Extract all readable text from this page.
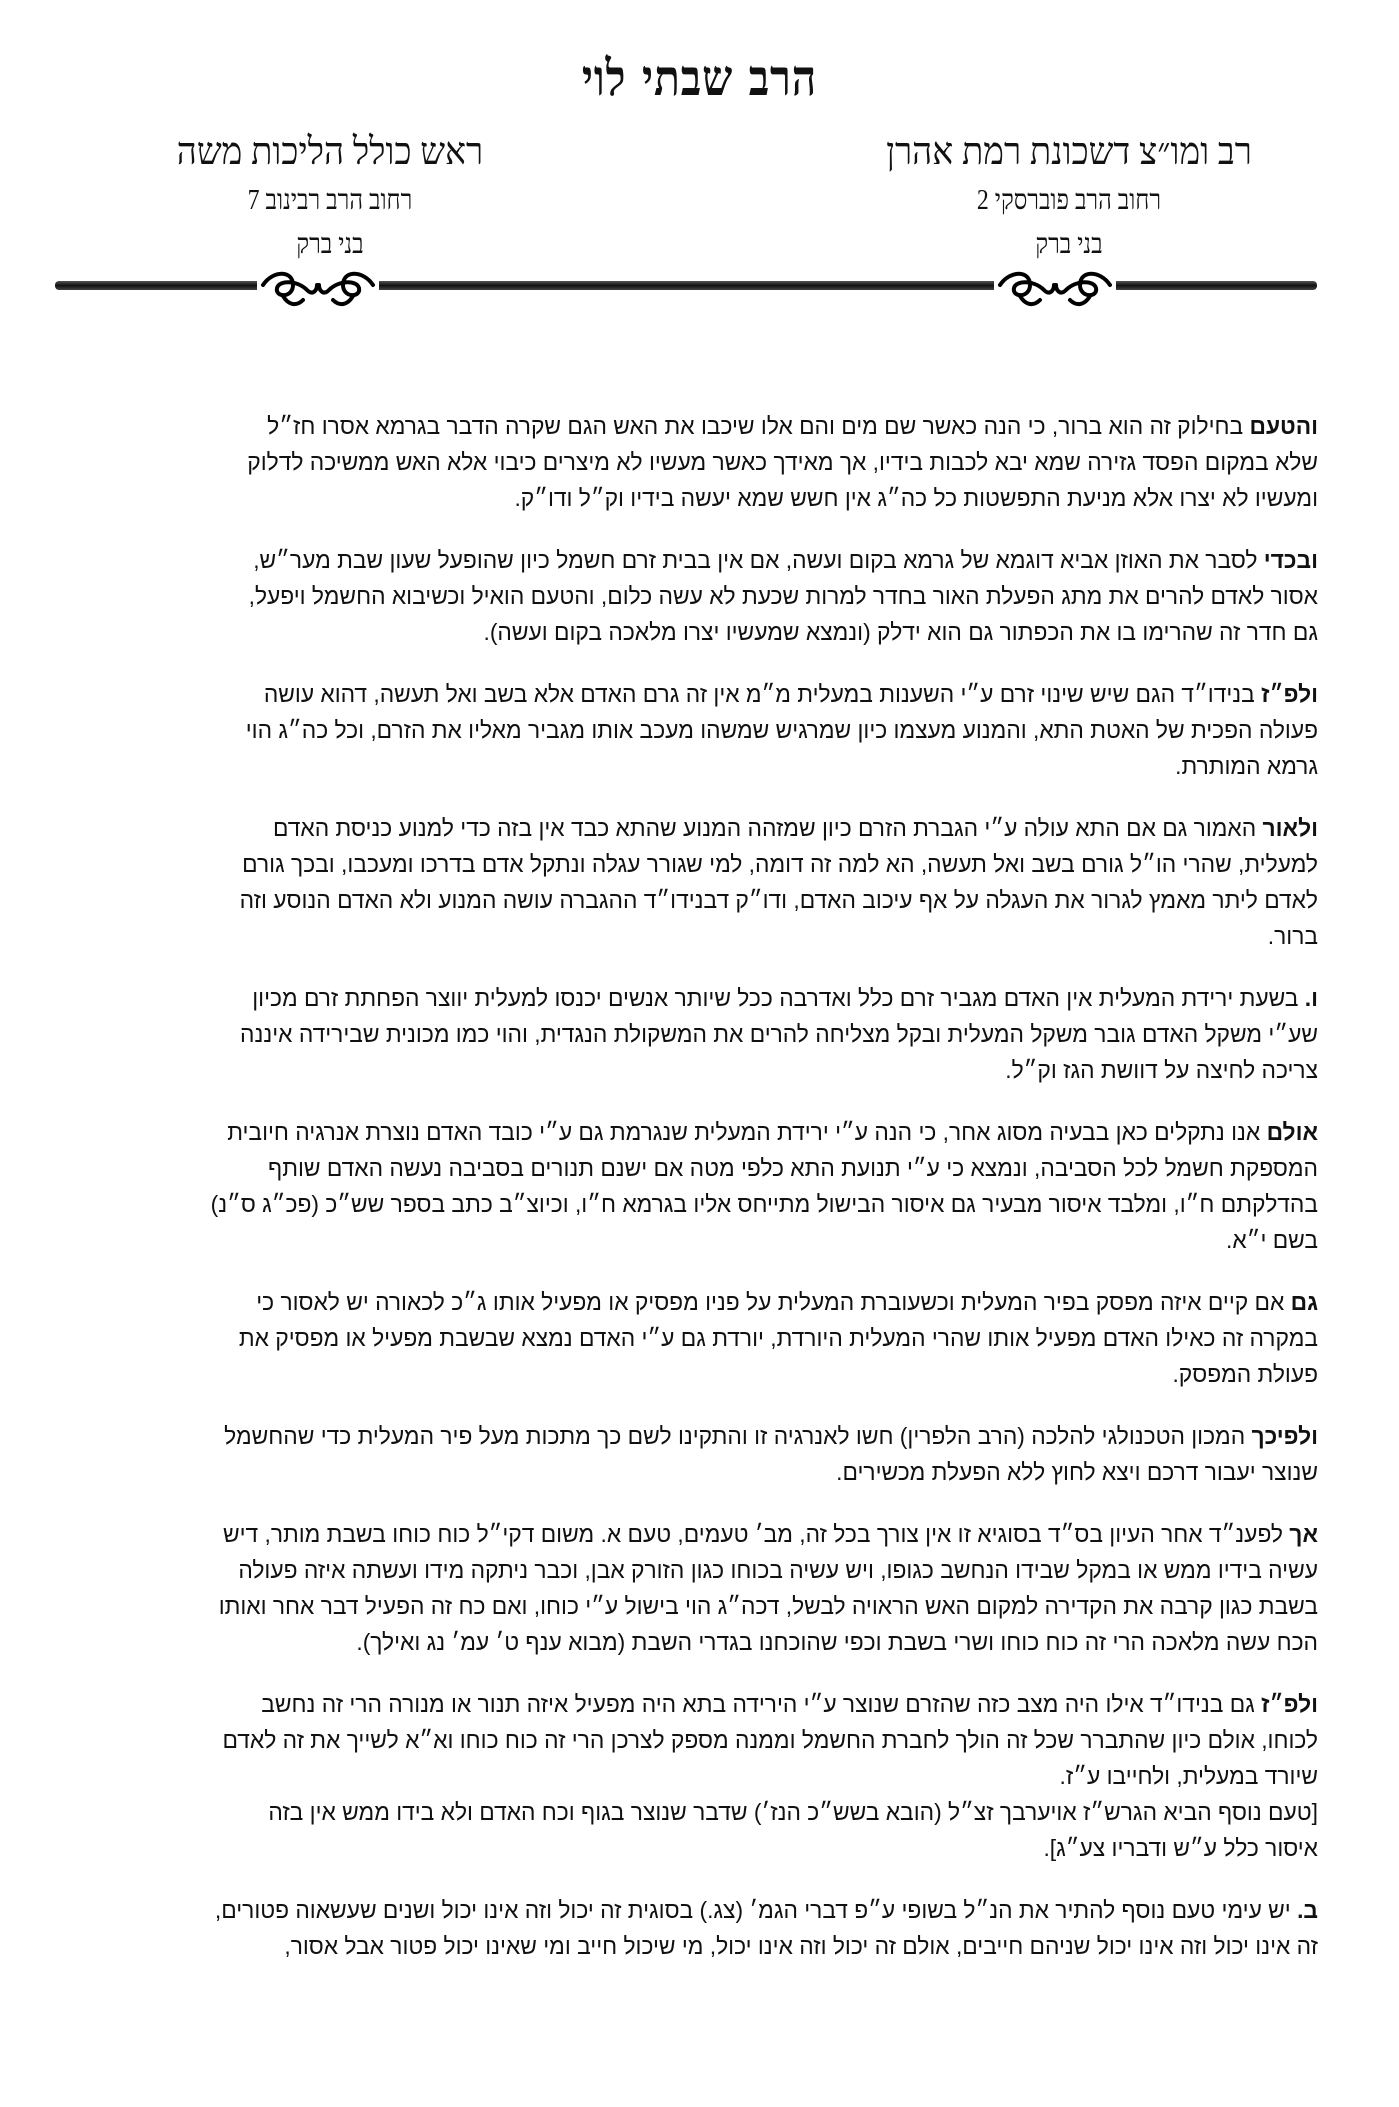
הרב שבתי לוי
רב ומו״צ דשכונת רמת אהרן
רחוב הרב פוברסקי 2
בני ברק
ראש כולל הליכות משה
רחוב הרב רבינוב 7
בני ברק
והטעם בחילוק זה הוא ברור, כי הנה כאשר שם מים והם אלו שיכבו את האש הגם שקרה הדבר בגרמא אסרו חז״ל
שלא במקום הפסד גזירה שמא יבא לכבות בידיו, אך מאידך כאשר מעשיו לא מיצרים כיבוי אלא האש ממשיכה לדלוק
ומעשיו לא יצרו אלא מניעת התפשטות כל כה״ג אין חשש שמא יעשה בידיו וק״ל ודו״ק.
ובכדי לסבר את האוזן אביא דוגמא של גרמא בקום ועשה, אם אין בבית זרם חשמל כיון שהופעל שעון שבת מער״ש,
אסור לאדם להרים את מתג הפעלת האור בחדר למרות שכעת לא עשה כלום, והטעם הואיל וכשיבוא החשמל ויפעל,
גם חדר זה שהרימו בו את הכפתור גם הוא ידלק (ונמצא שמעשיו יצרו מלאכה בקום ועשה).
ולפ״ז בנידו״ד הגם שיש שינוי זרם ע״י השענות במעלית מ״מ אין זה גרם האדם אלא בשב ואל תעשה, דהוא עושה
פעולה הפכית של האטת התא, והמנוע מעצמו כיון שמרגיש שמשהו מעכב אותו מגביר מאליו את הזרם, וכל כה״ג הוי
גרמא המותרת.
ולאור האמור גם אם התא עולה ע״י הגברת הזרם כיון שמזהה המנוע שהתא כבד אין בזה כדי למנוע כניסת האדם
למעלית, שהרי הו״ל גורם בשב ואל תעשה, הא למה זה דומה, למי שגורר עגלה ונתקל אדם בדרכו ומעכבו, ובכך גורם
לאדם ליתר מאמץ לגרור את העגלה על אף עיכוב האדם, ודו״ק דבנידו״ד ההגברה עושה המנוע ולא האדם הנוסע וזה
ברור.
ו. בשעת ירידת המעלית אין האדם מגביר זרם כלל ואדרבה ככל שיותר אנשים יכנסו למעלית יווצר הפחתת זרם מכיון
שע״י משקל האדם גובר משקל המעלית ובקל מצליחה להרים את המשקולת הנגדית, והוי כמו מכונית שבירידה איננה
צריכה לחיצה על דוושת הגז וק״ל.
אולם אנו נתקלים כאן בבעיה מסוג אחר, כי הנה ע״י ירידת המעלית שנגרמת גם ע״י כובד האדם נוצרת אנרגיה חיובית
המספקת חשמל לכל הסביבה, ונמצא כי ע״י תנועת התא כלפי מטה אם ישנם תנורים בסביבה נעשה האדם שותף
בהדלקתם ח״ו, ומלבד איסור מבעיר גם איסור הבישול מתייחס אליו בגרמא ח״ו, וכיוצ״ב כתב בספר שש״כ (פכ״ג ס״נ)
בשם י״א.
גם אם קיים איזה מפסק בפיר המעלית וכשעוברת המעלית על פניו מפסיק או מפעיל אותו ג״כ לכאורה יש לאסור כי
במקרה זה כאילו האדם מפעיל אותו שהרי המעלית היורדת, יורדת גם ע״י האדם נמצא שבשבת מפעיל או מפסיק את
פעולת המפסק.
ולפיכך המכון הטכנולגי להלכה (הרב הלפרין) חשו לאנרגיה זו והתקינו לשם כך מתכות מעל פיר המעלית כדי שהחשמל
שנוצר יעבור דרכם ויצא לחוץ ללא הפעלת מכשירים.
אך לפענ״ד אחר העיון בס״ד בסוגיא זו אין צורך בכל זה, מב׳ טעמים, טעם א. משום דקי״ל כוח כוחו בשבת מותר, דיש
עשיה בידיו ממש או במקל שבידו הנחשב כגופו, ויש עשיה בכוחו כגון הזורק אבן, וכבר ניתקה מידו ועשתה איזה פעולה
בשבת כגון קרבה את הקדירה למקום האש הראויה לבשל, דכה״ג הוי בישול ע״י כוחו, ואם כח זה הפעיל דבר אחר ואותו
הכח עשה מלאכה הרי זה כוח כוחו ושרי בשבת וכפי שהוכחנו בגדרי השבת (מבוא ענף ט׳ עמ׳ נג ואילך).
ולפ״ז גם בנידו״ד אילו היה מצב כזה שהזרם שנוצר ע״י הירידה בתא היה מפעיל איזה תנור או מנורה הרי זה נחשב
לכוחו, אולם כיון שהתברר שכל זה הולך לחברת החשמל וממנה מספק לצרכן הרי זה כוח כוחו וא״א לשייך את זה לאדם
שיורד במעלית, ולחייבו ע״ז.
[טעם נוסף הביא הגרש״ז אויערבך זצ״ל (הובא בשש״כ הנז׳) שדבר שנוצר בגוף וכח האדם ולא בידו ממש אין בזה
איסור כלל ע״ש ודבריו צע״ג].
ב. יש עימי טעם נוסף להתיר את הנ״ל בשופי ע״פ דברי הגמ׳ (צג.) בסוגית זה יכול וזה אינו יכול ושנים שעשאוה פטורים,
זה אינו יכול וזה אינו יכול שניהם חייבים, אולם זה יכול וזה אינו יכול, מי שיכול חייב ומי שאינו יכול פטור אבל אסור,
